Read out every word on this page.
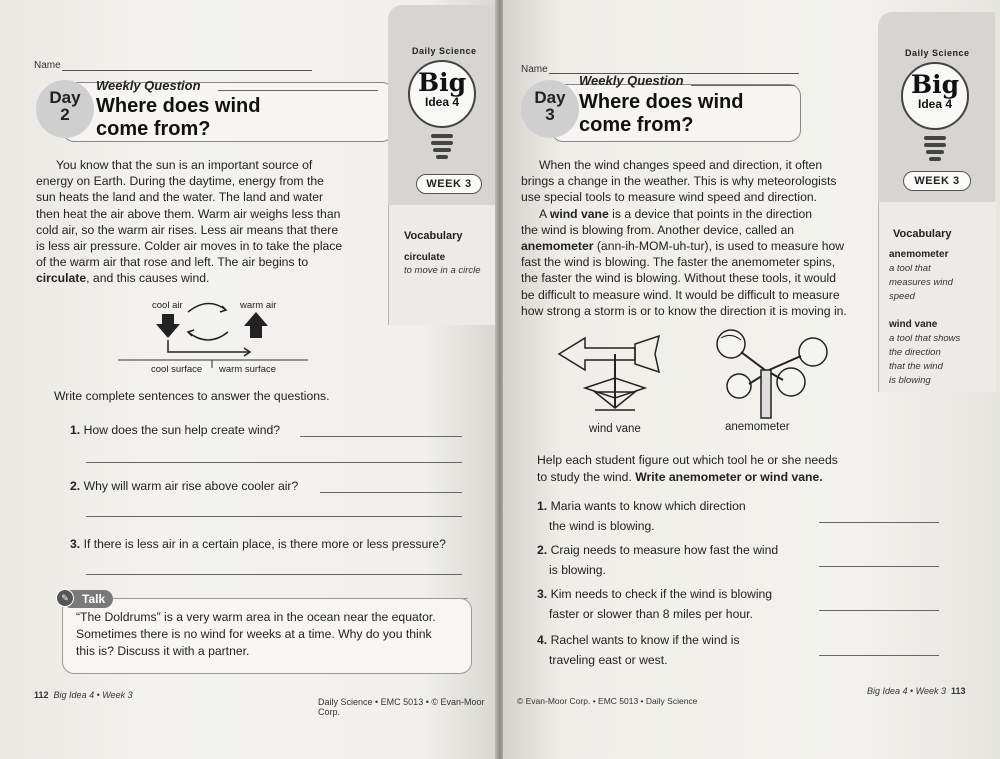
Name
Day
2
Weekly Question
Where does wind
come from?
Daily Science
Big
Idea 4
WEEK 3
Vocabulary
circulate
to move in a circle
You know that the sun is an important source of
energy on Earth. During the daytime, energy from the
sun heats the land and the water. The land and water
then heat the air above them. Warm air weighs less than
cold air, so the warm air rises. Less air means that there
is less air pressure. Colder air moves in to take the place
of the warm air that rose and left. The air begins to
circulate, and this causes wind.
cool air	warm air
cool surface warm surface
Write complete sentences to answer the questions.
1. How does the sun help create wind?
2. Why will warm air rise above cooler air?
3. If there is less air in a certain place, is there more or less pressure?
Talk
✎
“The Doldrums” is a very warm area in the ocean near the equator.
Sometimes there is no wind for weeks at a time. Why do you think
this is? Discuss it with a partner.
112 Big Idea 4 • Week 3
Daily Science • EMC 5013 • © Evan-Moor Corp.
Name
Day
3
Weekly Question
Where does wind
come from?
Daily Science
Big
Idea 4
WEEK 3
Vocabulary
anemometer
a tool that
measures wind
speed
wind vane
a tool that shows
the direction
that the wind
is blowing
When the wind changes speed and direction, it often
brings a change in the weather. This is why meteorologists
use special tools to measure wind speed and direction.
A wind vane is a device that points in the direction
the wind is blowing from. Another device, called an
anemometer (ann-ih-MOM-uh-tur), is used to measure how
fast the wind is blowing. The faster the anemometer spins,
the faster the wind is blowing. Without these tools, it would
be difficult to measure wind. It would be difficult to measure
how strong a storm is or to know the direction it is moving in.
wind vane	anemometer
Help each student figure out which tool he or she needs
to study the wind. Write anemometer or wind vane.
1. Maria wants to know which direction
the wind is blowing.
2. Craig needs to measure how fast the wind
is blowing.
3. Kim needs to check if the wind is blowing
faster or slower than 8 miles per hour.
4. Rachel wants to know if the wind is
traveling east or west.
© Evan-Moor Corp. • EMC 5013 • Daily Science
Big Idea 4 • Week 3 113
